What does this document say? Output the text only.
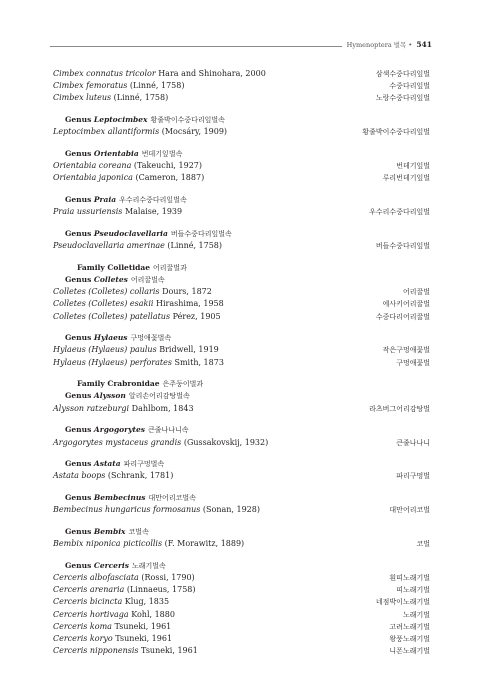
Hymenoptera 벌목 • 541
Cimbex connatus tricolor Hara and Shinohara, 2000	삼색수중다리잎벌
Cimbex femoratus (Linné, 1758)	수중다리잎벌
Cimbex luteus (Linné, 1758)	노랑수중다리잎벌
Genus Leptocimbex 황줄박이수중다리잎벌속
Leptocimbex allantiformis (Mocsáry, 1909)	황줄박이수중다리잎벌
Genus Orientabia 번데기잎벌속
Orientabia coreana (Takeuchi, 1927)	번데기잎벌
Orientabia japonica (Cameron, 1887)	루리번데기잎벌
Genus Praia 우수리수중다리잎벌속
Praia ussuriensis Malaise, 1939	우수리수중다리잎벌
Genus Pseudoclavellaria 버들수중다리잎벌속
Pseudoclavellaria amerinae (Linné, 1758)	버들수중다리잎벌
Family Colletidae 어리꿀벌과
Genus Colletes 어리꿀벌속
Colletes (Colletes) collaris Dours, 1872	어리꿀벌
Colletes (Colletes) esakii Hirashima, 1958	에사키어리꿀벌
Colletes (Colletes) patellatus Pérez, 1905	수중다리어리꿀벌
Genus Hylaeus 구멍애꽃벌속
Hylaeus (Hylaeus) paulus Bridwell, 1919	작은구멍애꽃벌
Hylaeus (Hylaeus) perforates Smith, 1873	구멍애꽃벌
Family Crabronidae 은주둥이벌과
Genus Alysson 알리손어리감탕벌속
Alysson ratzeburgi Dahlbom, 1843	라츠버그어리감탕벌
Genus Argogorytes 큰줄나나니속
Argogorytes mystaceus grandis (Gussakovskij, 1932)	큰줄나나니
Genus Astata 파리구멍벌속
Astata boops (Schrank, 1781)	파리구멍벌
Genus Bembecinus 대만어리코벌속
Bembecinus hungaricus formosanus (Sonan, 1928)	대만어리코벌
Genus Bembix 코벌속
Bembix niponica picticollis (F. Morawitz, 1889)	코벌
Genus Cerceris 노래기벌속
Cerceris albofasciata (Rossi, 1790)	흰띠노래기벌
Cerceris arenaria (Linnaeus, 1758)	띠노래기벌
Cerceris bicincta Klug, 1835	네점박이노래기벌
Cerceris hortivaga Kohl, 1880	노래기벌
Cerceris koma Tsuneki, 1961	고려노래기벌
Cerceris koryo Tsuneki, 1961	왕풍노래기벌
Cerceris nipponensis Tsuneki, 1961	니폰노래기벌
